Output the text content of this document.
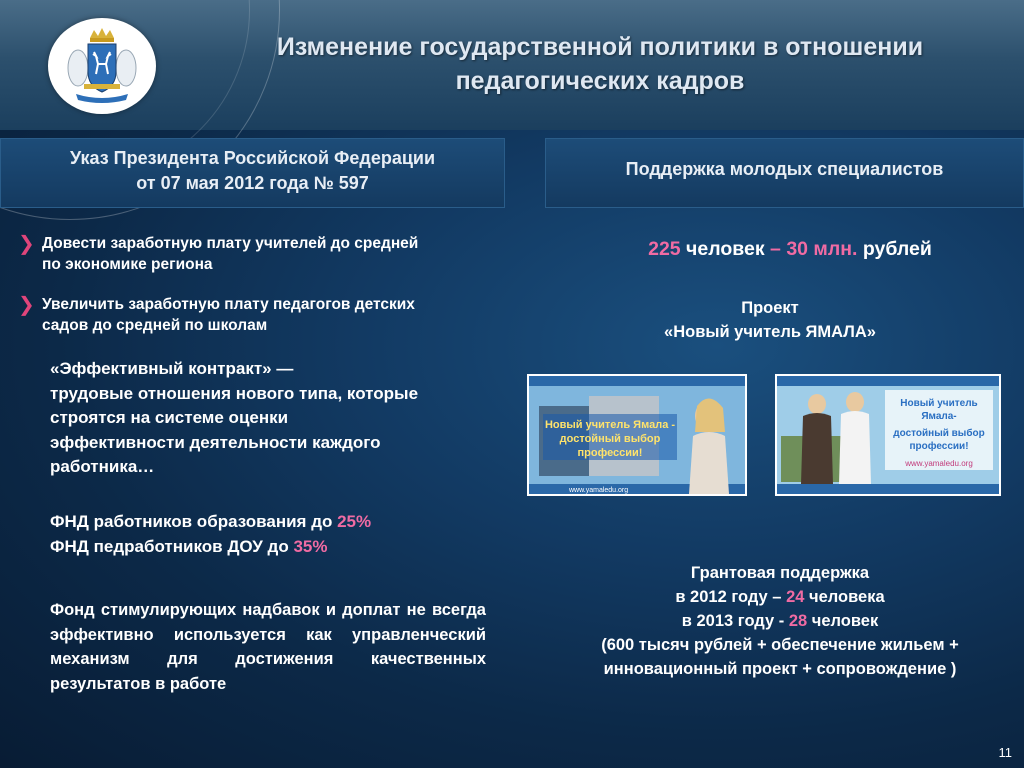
Изменение государственной политики в отношении
педагогических кадров
Указ Президента Российской Федерации
от 07 мая 2012 года № 597
Поддержка молодых специалистов
❯ Довести заработную плату учителей до средней
по экономике региона
❯ Увеличить заработную плату педагогов детских
садов до средней по школам
«Эффективный контракт» —
трудовые отношения нового типа, которые
строятся на системе оценки
эффективности деятельности каждого
работника…
ФНД работников образования до 25%
ФНД педработников ДОУ до 35%
Фонд стимулирующих надбавок и доплат не всегда эффективно используется как управленческий механизм для достижения качественных результатов в работе
225 человек – 30 млн. рублей
Проект
«Новый учитель ЯМАЛА»
Новый учитель Ямала -
достойный выбор
профессии!
www.yamaledu.org
Новый учитель
Ямала-
достойный выбор
профессии!
www.yamaledu.org
Грантовая поддержка
в 2012 году – 24 человека
в 2013 году - 28 человек
(600 тысяч рублей + обеспечение жильем +
инновационный проект + сопровождение )
11
